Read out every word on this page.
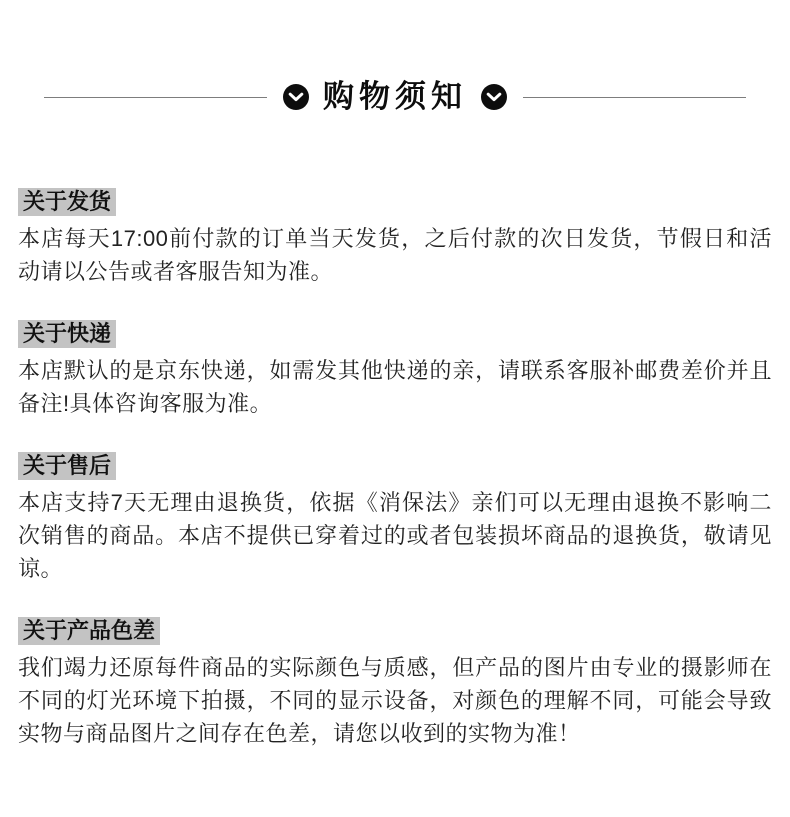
购物须知
关于发货
本店每天17:00前付款的订单当天发货，之后付款的次日发货，节假日和活动请以公告或者客服告知为准。
关于快递
本店默认的是京东快递，如需发其他快递的亲，请联系客服补邮费差价并且备注!具体咨询客服为准。
关于售后
本店支持7天无理由退换货，依据《消保法》亲们可以无理由退换不影响二次销售的商品。本店不提供已穿着过的或者包装损坏商品的退换货，敬请见谅。
关于产品色差
我们竭力还原每件商品的实际颜色与质感，但产品的图片由专业的摄影师在不同的灯光环境下拍摄，不同的显示设备，对颜色的理解不同，可能会导致实物与商品图片之间存在色差，请您以收到的实物为准！
